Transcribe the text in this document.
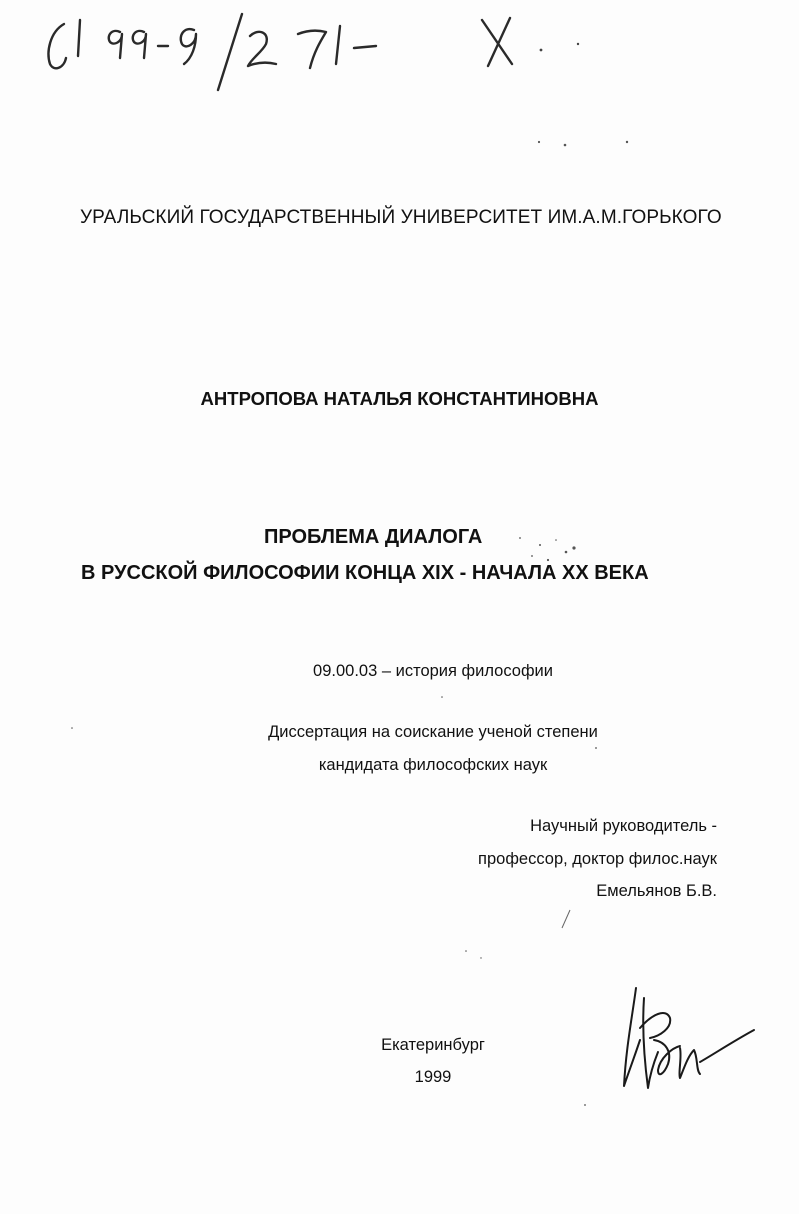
УРАЛЬСКИЙ ГОСУДАРСТВЕННЫЙ УНИВЕРСИТЕТ ИМ.А.М.ГОРЬКОГО
АНТРОПОВА НАТАЛЬЯ КОНСТАНТИНОВНА
ПРОБЛЕМА ДИАЛОГА
В РУССКОЙ ФИЛОСОФИИ КОНЦА XIX - НАЧАЛА XX ВЕКА
09.00.03 – история философии
Диссертация на соискание ученой степени
кандидата философских наук
Научный руководитель -
профессор, доктор филос.наук
Емельянов Б.В.
Екатеринбург
1999
